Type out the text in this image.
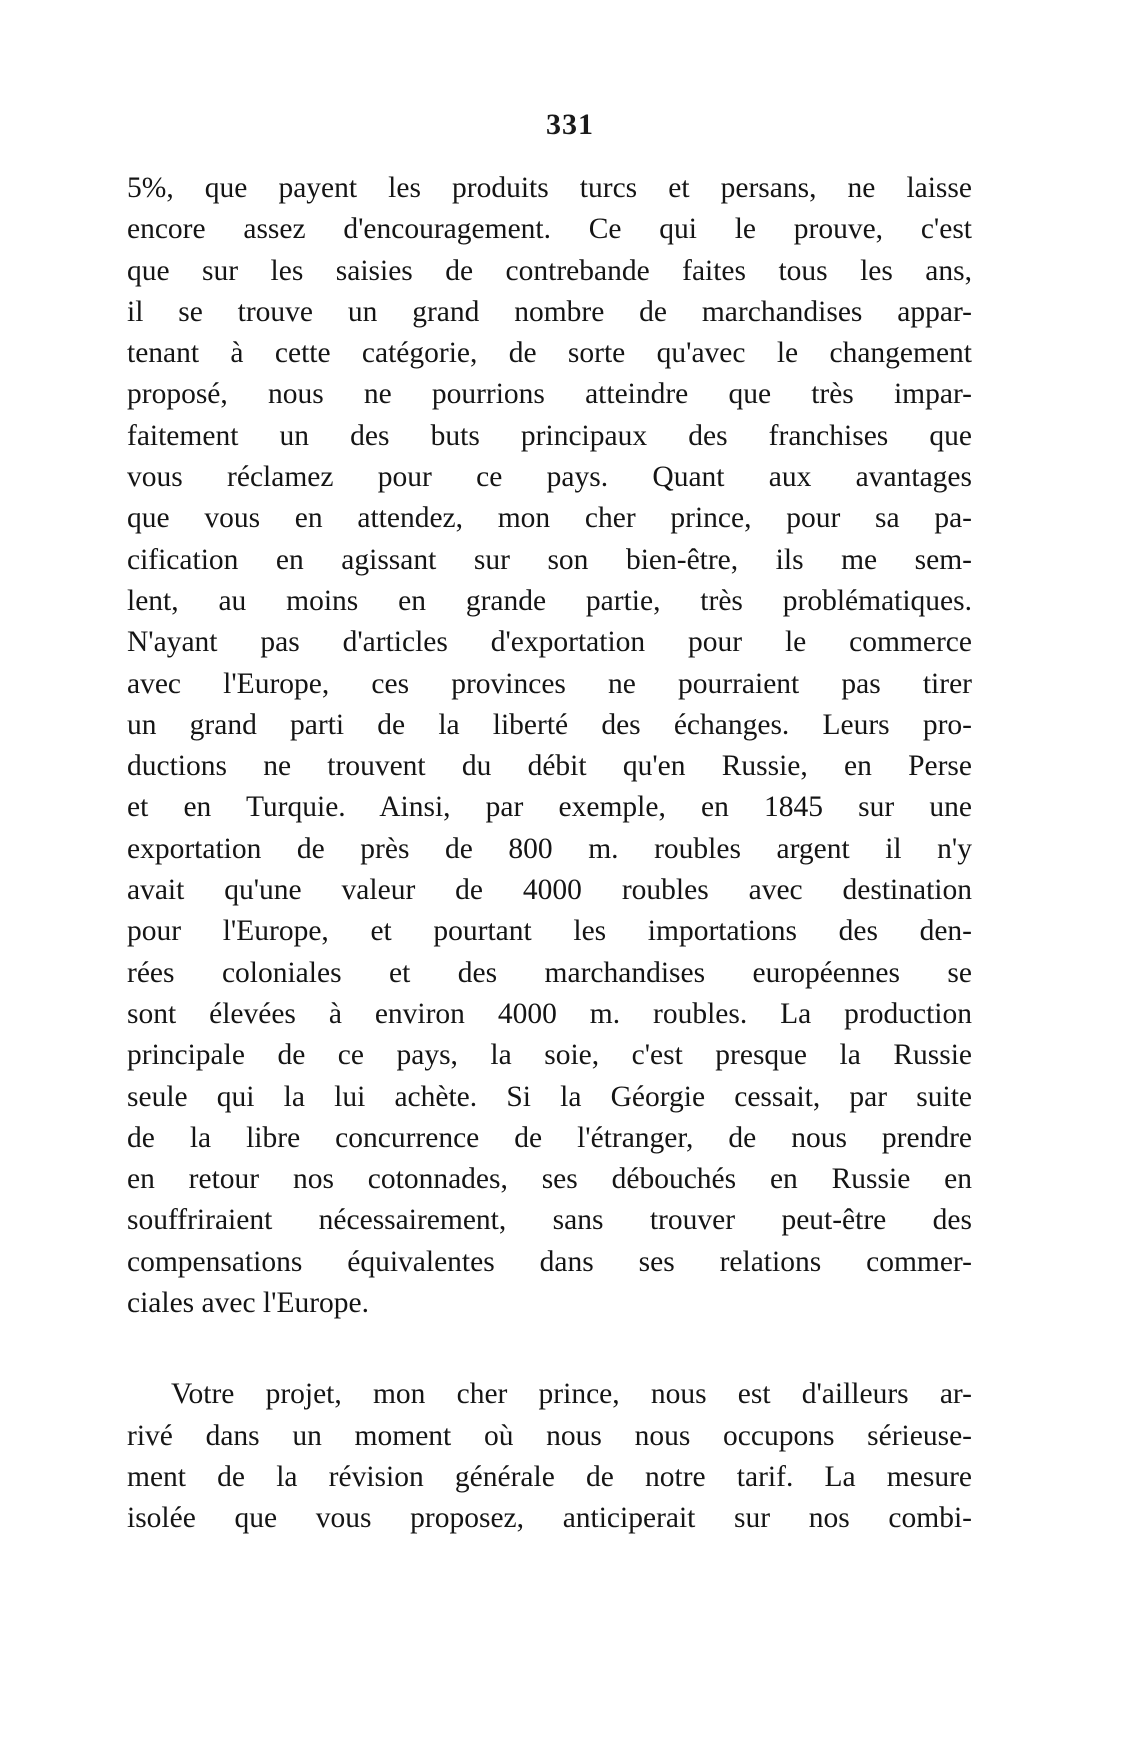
331
5%, que payent les produits turcs et persans, ne laisse
encore assez d'encouragement. Ce qui le prouve, c'est
que sur les saisies de contrebande faites tous les ans,
il se trouve un grand nombre de marchandises appar-
tenant à cette catégorie, de sorte qu'avec le changement
proposé, nous ne pourrions atteindre que très impar-
faitement un des buts principaux des franchises que
vous réclamez pour ce pays. Quant aux avantages
que vous en attendez, mon cher prince, pour sa pa-
cification en agissant sur son bien-être, ils me sem-
lent, au moins en grande partie, très problématiques.
N'ayant pas d'articles d'exportation pour le commerce
avec l'Europe, ces provinces ne pourraient pas tirer
un grand parti de la liberté des échanges. Leurs pro-
ductions ne trouvent du débit qu'en Russie, en Perse
et en Turquie. Ainsi, par exemple, en 1845 sur une
exportation de près de 800 m. roubles argent il n'y
avait qu'une valeur de 4000 roubles avec destination
pour l'Europe, et pourtant les importations des den-
rées coloniales et des marchandises européennes se
sont élevées à environ 4000 m. roubles. La production
principale de ce pays, la soie, c'est presque la Russie
seule qui la lui achète. Si la Géorgie cessait, par suite
de la libre concurrence de l'étranger, de nous prendre
en retour nos cotonnades, ses débouchés en Russie en
souffriraient nécessairement, sans trouver peut-être des
compensations équivalentes dans ses relations commer-
ciales avec l'Europe.
Votre projet, mon cher prince, nous est d'ailleurs ar-
rivé dans un moment où nous nous occupons sérieuse-
ment de la révision générale de notre tarif. La mesure
isolée que vous proposez, anticiperait sur nos combi-
